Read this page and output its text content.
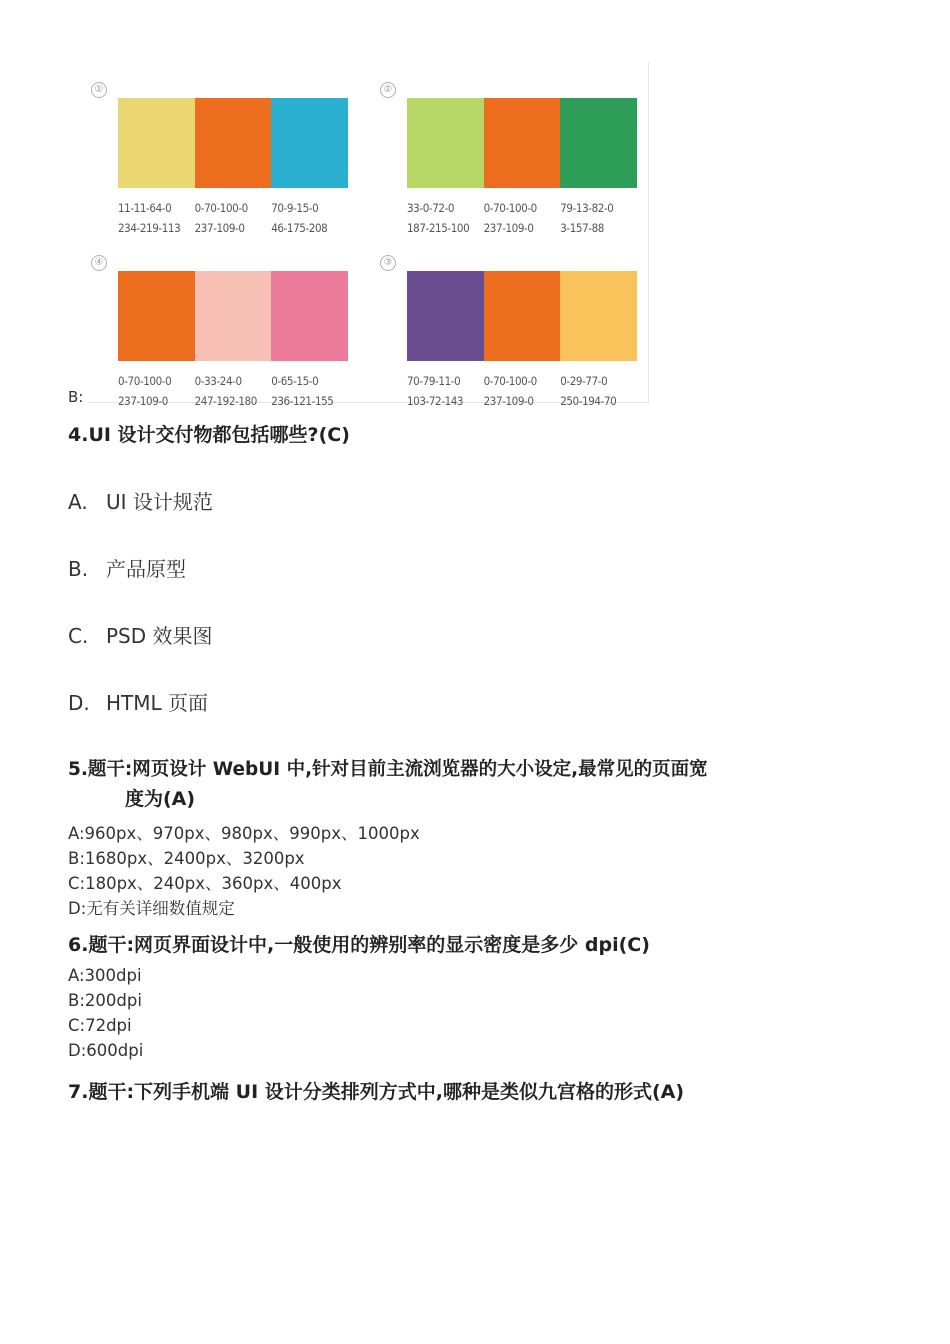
①
11-11-64-0
234-219-113
0-70-100-0
237-109-0
70-9-15-0
46-175-208
②
33-0-72-0
187-215-100
0-70-100-0
237-109-0
79-13-82-0
3-157-88
④
0-70-100-0
237-109-0
0-33-24-0
247-192-180
0-65-15-0
236-121-155
③
70-79-11-0
103-72-143
0-70-100-0
237-109-0
0-29-77-0
250-194-70
B:
4.UI 设计交付物都包括哪些?(C)
A. UI 设计规范
B. 产品原型
C. PSD 效果图
D. HTML 页面
5.题干:网页设计 WebUI 中,针对目前主流浏览器的大小设定,最常见的页面宽
度为(A)
A:960px、970px、980px、990px、1000px
B:1680px、2400px、3200px
C:180px、240px、360px、400px
D:无有关详细数值规定
6.题干:网页界面设计中,一般使用的辨别率的显示密度是多少 dpi(C)
A:300dpi
B:200dpi
C:72dpi
D:600dpi
7.题干:下列手机端 UI 设计分类排列方式中,哪种是类似九宫格的形式(A)
